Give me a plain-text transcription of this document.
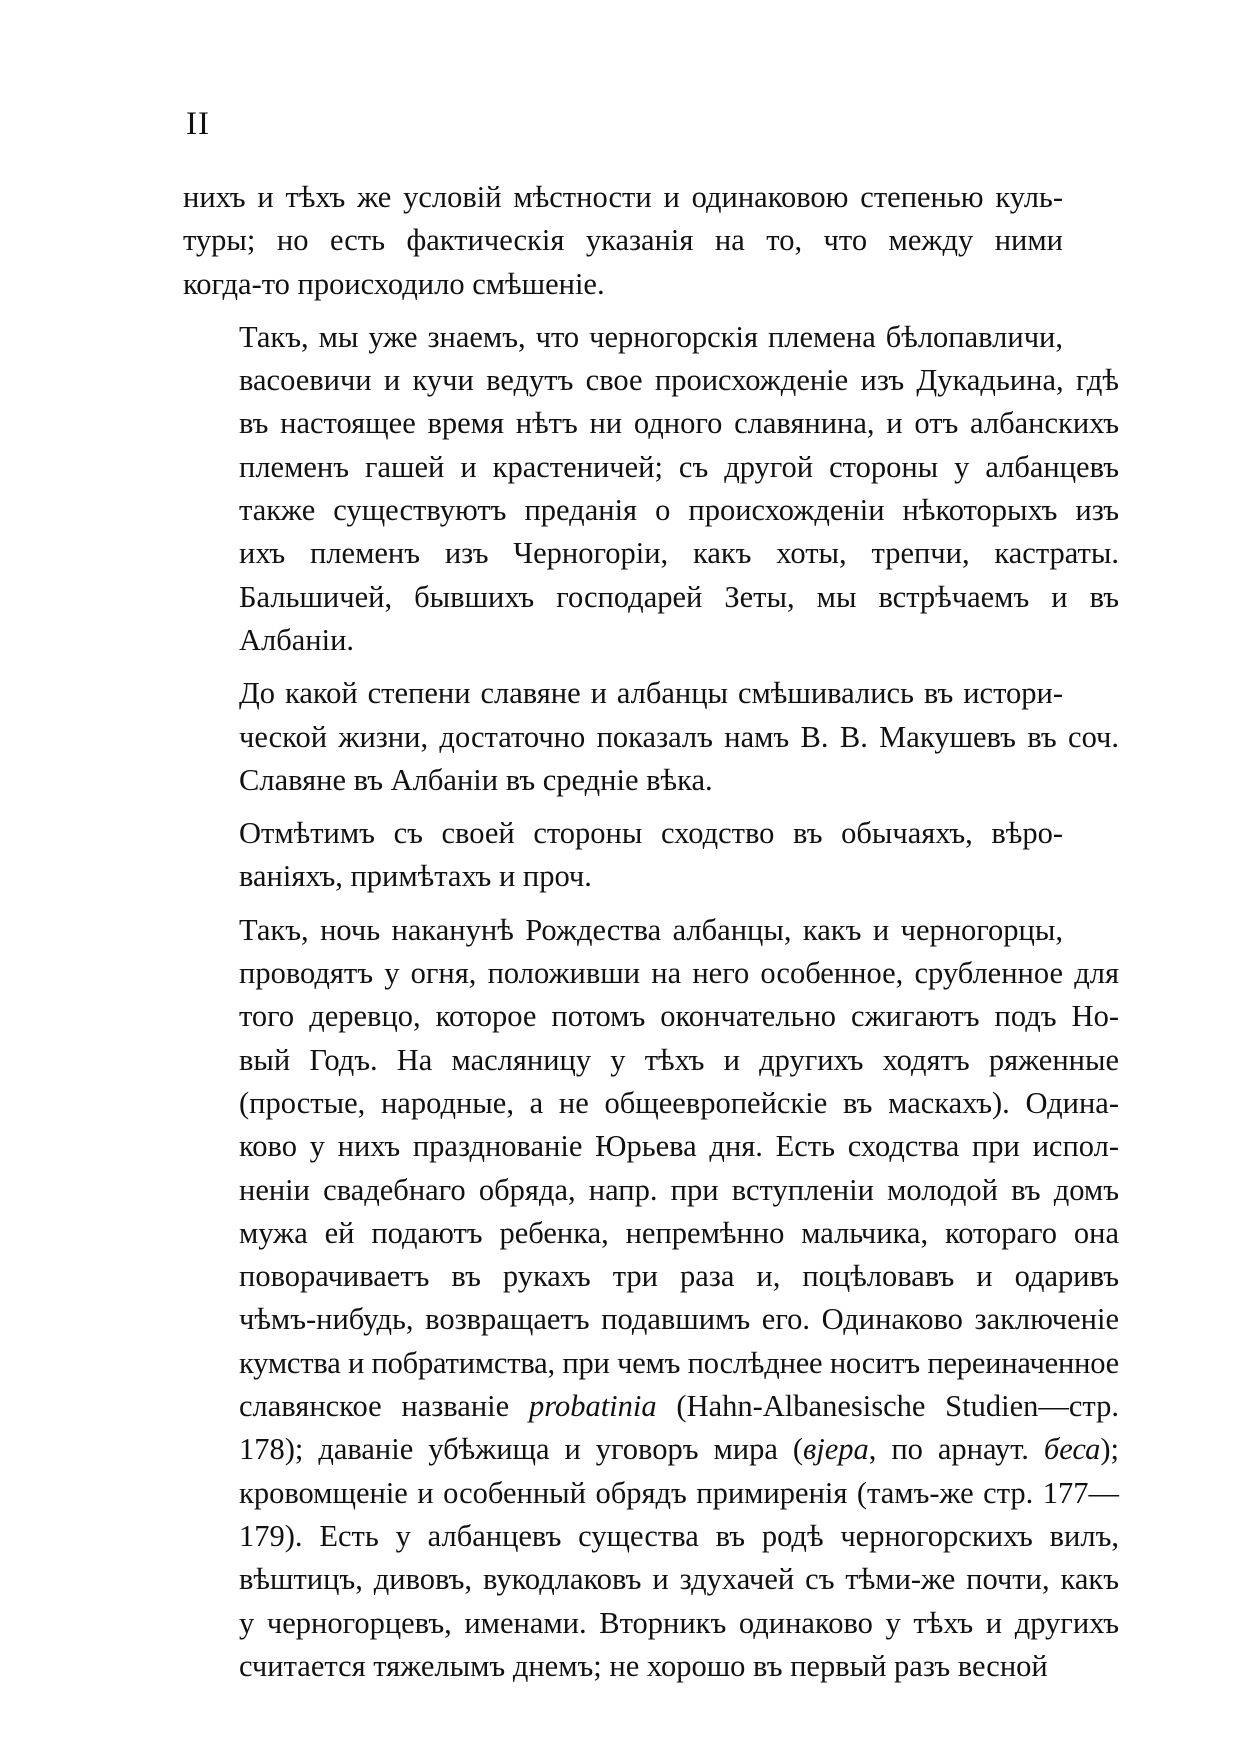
II

нихъ и тѣхъ же условій мѣстности и одинаковою степенью куль-
туры; но есть фактическія указанія на то, что между ними
когда-то происходило смѣшеніе.

Такъ, мы уже знаемъ, что черногорскія племена бѣлопавличи,
васоевичи и кучи ведутъ свое происхожденіе изъ Дукадьина, гдѣ
въ настоящее время нѣтъ ни одного славянина, и отъ албанскихъ
племенъ гашей и крастеничей; съ другой стороны у албанцевъ
также существуютъ преданія о происхожденіи нѣкоторыхъ изъ
ихъ племенъ изъ Черногоріи, какъ хоты, трепчи, кастраты.
Бальшичей, бывшихъ господарей Зеты, мы встрѣчаемъ и въ
Албаніи.

До какой степени славяне и албанцы смѣшивались въ истори-
ческой жизни, достаточно показалъ намъ В. В. Макушевъ въ соч.
Славяне въ Албаніи въ средніе вѣка.

Отмѣтимъ съ своей стороны сходство въ обычаяхъ, вѣро-
ваніяхъ, примѣтахъ и проч.

Такъ, ночь наканунѣ Рождества албанцы, какъ и черногорцы,
проводятъ у огня, положивши на него особенное, срубленное для
того деревцо, которое потомъ окончательно сжигаютъ подъ Но-
вый Годъ. На масляницу у тѣхъ и другихъ ходятъ ряженные
(простые, народные, а не общеевропейскіе въ маскахъ). Одина-
ково у нихъ празднованіе Юрьева дня. Есть сходства при испол-
неніи свадебнаго обряда, напр. при вступленіи молодой въ домъ
мужа ей подаютъ ребенка, непремѣнно мальчика, котораго она
поворачиваетъ въ рукахъ три раза и, поцѣловавъ и одаривъ
чѣмъ-нибудь, возвращаетъ подавшимъ его. Одинаково заключеніе
кумства и побратимства, при чемъ послѣднее носитъ переиначенное
славянское названіе probatinia (Hahn-Albanesische Studien—стр.
178); даваніе убѣжища и уговоръ мира (вјера, по арнаут. беса);
кровомщеніе и особенный обрядъ примиренія (тамъ-же стр. 177—
179). Есть у албанцевъ существа въ родѣ черногорскихъ вилъ,
вѣштицъ, дивовъ, вукодлаковъ и здухачей съ тѣми-же почти, какъ
у черногорцевъ, именами. Вторникъ одинаково у тѣхъ и другихъ
считается тяжелымъ днемъ; не хорошо въ первый разъ весной
